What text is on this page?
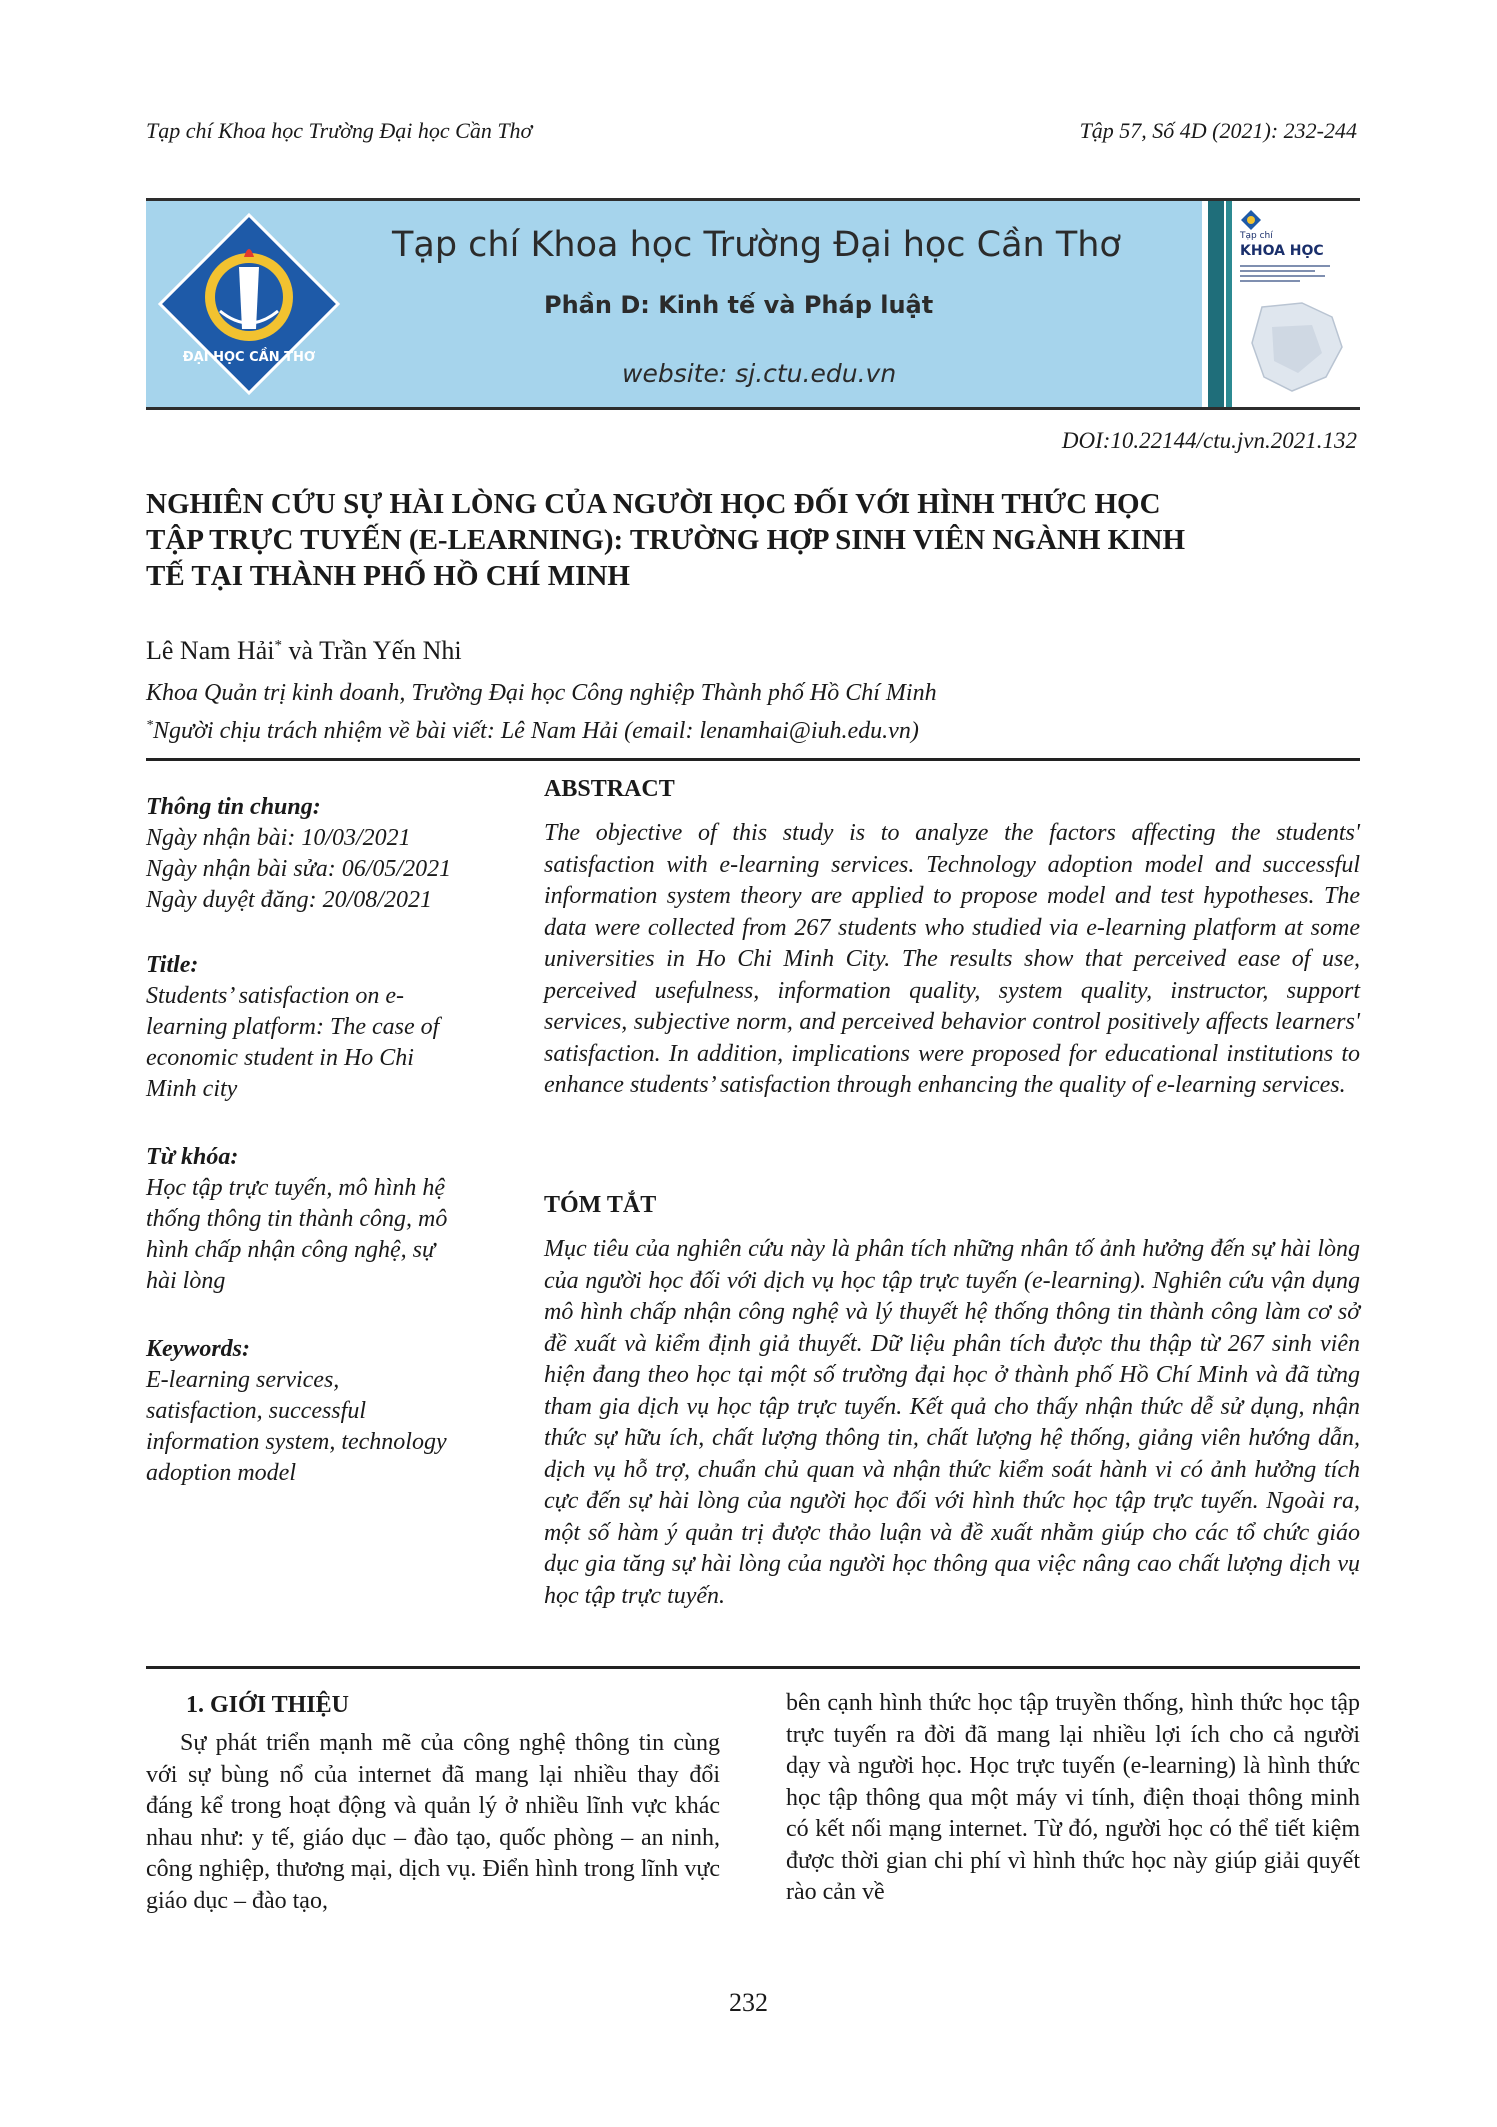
Tạp chí Khoa học Trường Đại học Cần Thơ	Tập 57, Số 4D (2021): 232-244
ĐẠI HỌC CẦN THƠ
Tạp chí Khoa học Trường Đại học Cần Thơ
Phần D: Kinh tế và Pháp luật
website: sj.ctu.edu.vn
Tạp chí
KHOA HỌC
DOI:10.22144/ctu.jvn.2021.132
NGHIÊN CỨU SỰ HÀI LÒNG CỦA NGƯỜI HỌC ĐỐI VỚI HÌNH THỨC HỌC
TẬP TRỰC TUYẾN (E-LEARNING): TRƯỜNG HỢP SINH VIÊN NGÀNH KINH
TẾ TẠI THÀNH PHỐ HỒ CHÍ MINH
Lê Nam Hải* và Trần Yến Nhi
Khoa Quản trị kinh doanh, Trường Đại học Công nghiệp Thành phố Hồ Chí Minh
*Người chịu trách nhiệm về bài viết: Lê Nam Hải (email: lenamhai@iuh.edu.vn)
Thông tin chung:
Ngày nhận bài: 10/03/2021
Ngày nhận bài sửa: 06/05/2021
Ngày duyệt đăng: 20/08/2021
Title:
Students’ satisfaction on e-
learning platform: The case of
economic student in Ho Chi
Minh city
Từ khóa:
Học tập trực tuyến, mô hình hệ
thống thông tin thành công, mô
hình chấp nhận công nghệ, sự
hài lòng
Keywords:
E-learning services,
satisfaction, successful
information system, technology
adoption model
ABSTRACT
The objective of this study is to analyze the factors affecting the students' satisfaction with e-learning services. Technology adoption model and successful information system theory are applied to propose model and test hypotheses. The data were collected from 267 students who studied via e-learning platform at some universities in Ho Chi Minh City. The results show that perceived ease of use, perceived usefulness, information quality, system quality, instructor, support services, subjective norm, and perceived behavior control positively affects learners' satisfaction. In addition, implications were proposed for educational institutions to enhance students’ satisfaction through enhancing the quality of e-learning services.
TÓM TẮT
Mục tiêu của nghiên cứu này là phân tích những nhân tố ảnh hưởng đến sự hài lòng của người học đối với dịch vụ học tập trực tuyến (e-learning). Nghiên cứu vận dụng mô hình chấp nhận công nghệ và lý thuyết hệ thống thông tin thành công làm cơ sở đề xuất và kiểm định giả thuyết. Dữ liệu phân tích được thu thập từ 267 sinh viên hiện đang theo học tại một số trường đại học ở thành phố Hồ Chí Minh và đã từng tham gia dịch vụ học tập trực tuyến. Kết quả cho thấy nhận thức dễ sử dụng, nhận thức sự hữu ích, chất lượng thông tin, chất lượng hệ thống, giảng viên hướng dẫn, dịch vụ hỗ trợ, chuẩn chủ quan và nhận thức kiểm soát hành vi có ảnh hưởng tích cực đến sự hài lòng của người học đối với hình thức học tập trực tuyến. Ngoài ra, một số hàm ý quản trị được thảo luận và đề xuất nhằm giúp cho các tổ chức giáo dục gia tăng sự hài lòng của người học thông qua việc nâng cao chất lượng dịch vụ học tập trực tuyến.
1. GIỚI THIỆU
Sự phát triển mạnh mẽ của công nghệ thông tin cùng với sự bùng nổ của internet đã mang lại nhiều thay đổi đáng kể trong hoạt động và quản lý ở nhiều lĩnh vực khác nhau như: y tế, giáo dục – đào tạo, quốc phòng – an ninh, công nghiệp, thương mại, dịch vụ. Điển hình trong lĩnh vực giáo dục – đào tạo,
bên cạnh hình thức học tập truyền thống, hình thức học tập trực tuyến ra đời đã mang lại nhiều lợi ích cho cả người dạy và người học. Học trực tuyến (e-learning) là hình thức học tập thông qua một máy vi tính, điện thoại thông minh có kết nối mạng internet. Từ đó, người học có thể tiết kiệm được thời gian chi phí vì hình thức học này giúp giải quyết rào cản về
232
